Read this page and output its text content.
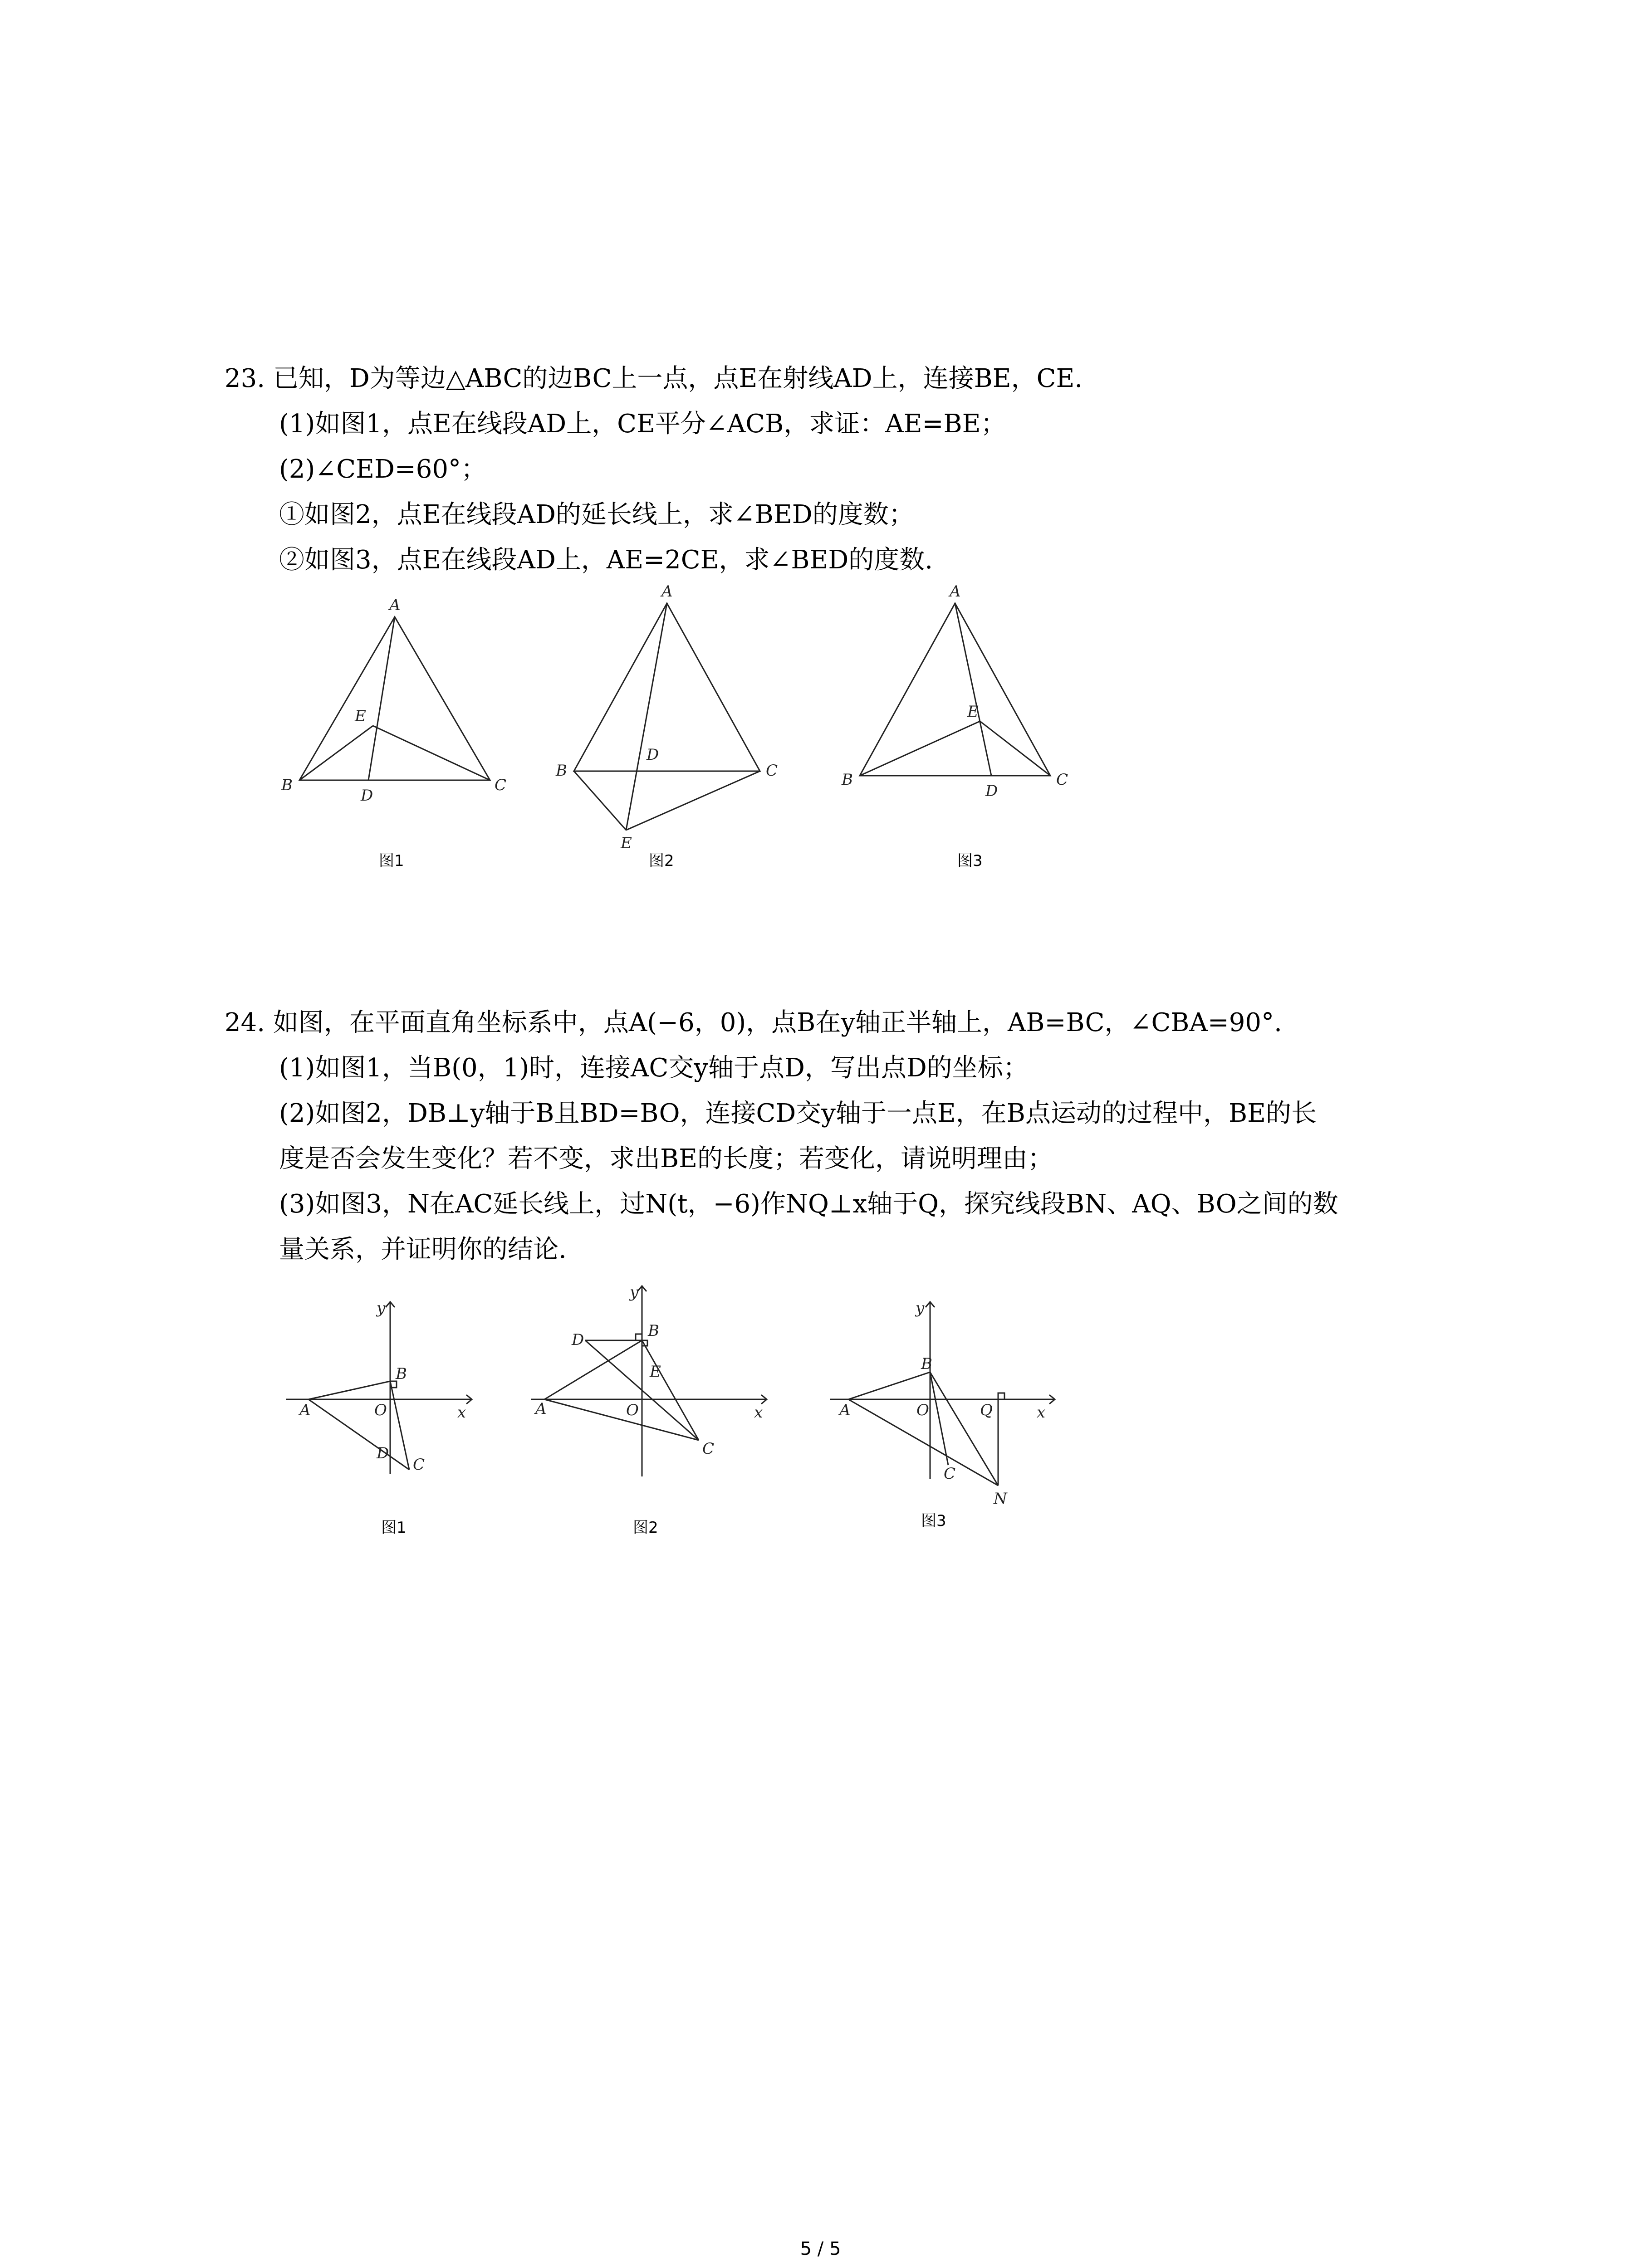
23. 已知，D为等边△ABC的边BC上一点，点E在射线AD上，连接BE，CE.
(1)如图1，点E在线段AD上，CE平分∠ACB，求证：AE=BE；
(2)∠CED=60°；
①如图2，点E在线段AD的延长线上，求∠BED的度数；
②如图3，点E在线段AD上，AE=2CE，求∠BED的度数.
A
B	C
D
E
图1
A
B	C
D
E
图2
A
B	C
D
E
图3
24. 如图，在平面直角坐标系中，点A(−6，0)，点B在y轴正半轴上，AB=BC，∠CBA=90°.
(1)如图1，当B(0，1)时，连接AC交y轴于点D，写出点D的坐标；
(2)如图2，DB⊥y轴于B且BD=BO，连接CD交y轴于一点E，在B点运动的过程中，BE的长
度是否会发生变化？若不变，求出BE的长度；若变化，请说明理由；
(3)如图3，N在AC延长线上，过N(t，−6)作NQ⊥x轴于Q，探究线段BN、AQ、BO之间的数
量关系，并证明你的结论.
A
B
O
D
C
x
y
图1
A
B
D
E
O
C
x
y
图2
A
B
O	Q
C
N
x
y
图3
5 / 5
